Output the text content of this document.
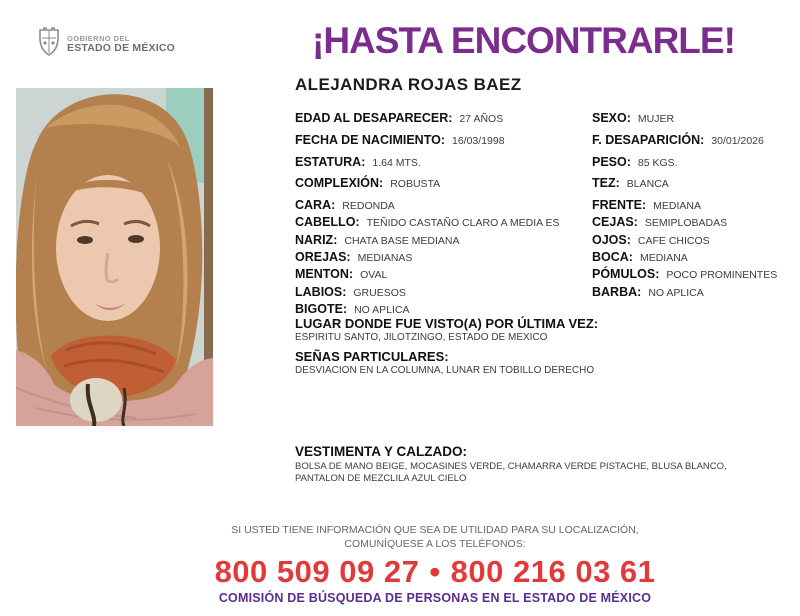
GOBIERNO DEL
ESTADO DE MÉXICO	¡HASTA ENCONTRARLE!
ALEJANDRA ROJAS BAEZ
EDAD AL DESAPARECER: 27 AÑOS
FECHA DE NACIMIENTO: 16/03/1998
ESTATURA: 1.64 MTS.
COMPLEXIÓN: ROBUSTA
CARA: REDONDA
CABELLO: TEÑIDO CASTAÑO CLARO A MEDIA ES
NARIZ: CHATA BASE MEDIANA
OREJAS: MEDIANAS
MENTON: OVAL
LABIOS: GRUESOS
BIGOTE: NO APLICA
SEXO: MUJER
F. DESAPARICIÓN: 30/01/2026
PESO: 85 KGS.
TEZ: BLANCA
FRENTE: MEDIANA
CEJAS: SEMIPLOBADAS
OJOS: CAFE CHICOS
BOCA: MEDIANA
PÓMULOS: POCO PROMINENTES
BARBA: NO APLICA
LUGAR DONDE FUE VISTO(A) POR ÚLTIMA VEZ:
ESPIRITU SANTO, JILOTZINGO, ESTADO DE MEXICO
SEÑAS PARTICULARES:
DESVIACION EN LA COLUMNA, LUNAR EN TOBILLO DERECHO
VESTIMENTA Y CALZADO:
BOLSA DE MANO BEIGE, MOCASINES VERDE, CHAMARRA VERDE PISTACHE, BLUSA BLANCO, PANTALON DE MEZCLILA AZUL CIELO
SI USTED TIENE INFORMACIÓN QUE SEA DE UTILIDAD PARA SU LOCALIZACIÓN,
COMUNÍQUESE A LOS TELÉFONOS:
800 509 09 27 • 800 216 03 61
COMISIÓN DE BÚSQUEDA DE PERSONAS EN EL ESTADO DE MÉXICO
